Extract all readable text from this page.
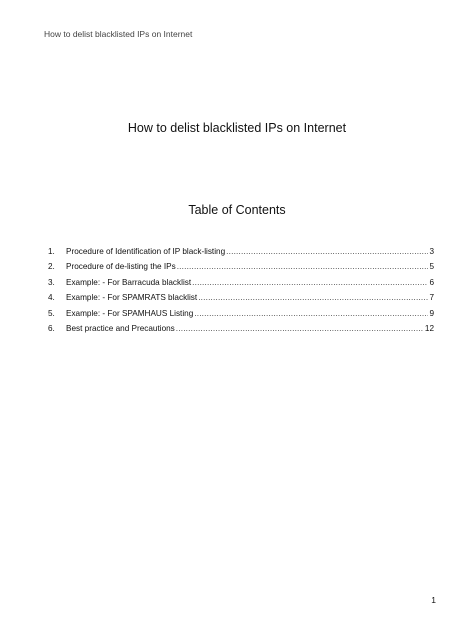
How to delist blacklisted IPs on Internet
How to delist blacklisted IPs on Internet
Table of Contents
1.	Procedure of Identification of IP black-listing .....	3
2.	Procedure of de-listing the IPs .....	5
3.	Example: - For Barracuda blacklist .....	6
4.	Example: - For SPAMRATS blacklist .....	7
5.	Example: - For SPAMHAUS Listing .....	9
6.	Best practice and Precautions .....	12
1
